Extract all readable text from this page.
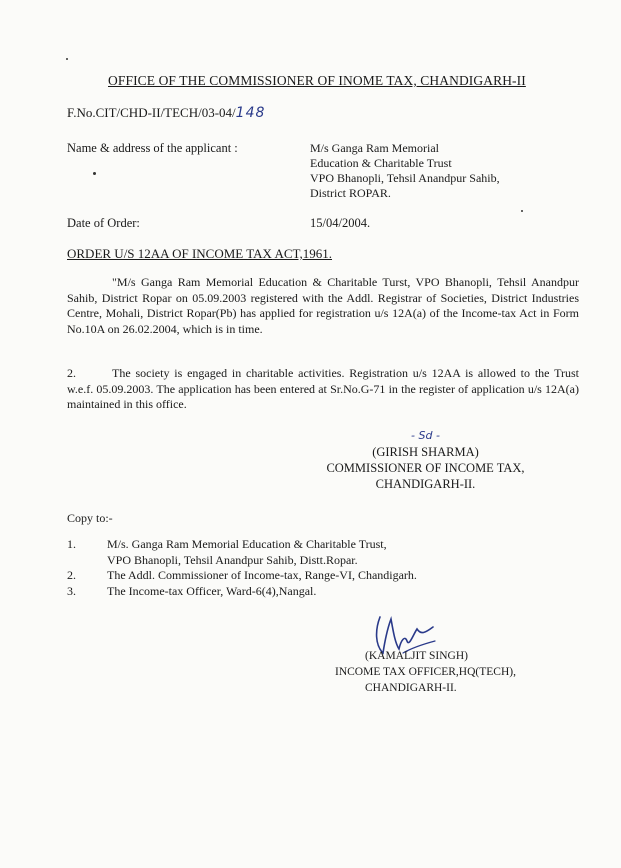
OFFICE OF THE COMMISSIONER OF INOME TAX, CHANDIGARH-II
F.No.CIT/CHD-II/TECH/03-04/148
Name & address of the applicant :	M/s Ganga Ram Memorial
Education & Charitable Trust
VPO Bhanopli, Tehsil Anandpur Sahib,
District ROPAR.
Date of Order:	15/04/2004.
ORDER U/S 12AA OF INCOME TAX ACT,1961.
"M/s Ganga Ram Memorial Education & Charitable Turst, VPO Bhanopli, Tehsil Anandpur Sahib, District Ropar on 05.09.2003 registered with the Addl. Registrar of Societies, District Industries Centre, Mohali, District Ropar(Pb) has applied for registration u/s 12A(a) of the Income-tax Act in Form No.10A on 26.02.2004, which is in time.
2.	The society is engaged in charitable activities. Registration u/s 12AA is allowed to the Trust w.e.f. 05.09.2003. The application has been entered at Sr.No.G-71 in the register of application u/s 12A(a) maintained in this office.
- Sd -
(GIRISH SHARMA)
COMMISSIONER OF INCOME TAX,
CHANDIGARH-II.
Copy to:-
1.	M/s. Ganga Ram Memorial Education & Charitable Trust,
VPO Bhanopli, Tehsil Anandpur Sahib, Distt.Ropar.
2.	The Addl. Commissioner of Income-tax, Range-VI, Chandigarh.
3.	The Income-tax Officer, Ward-6(4),Nangal.
(KAMALJIT SINGH)
INCOME TAX OFFICER,HQ(TECH),
CHANDIGARH-II.
